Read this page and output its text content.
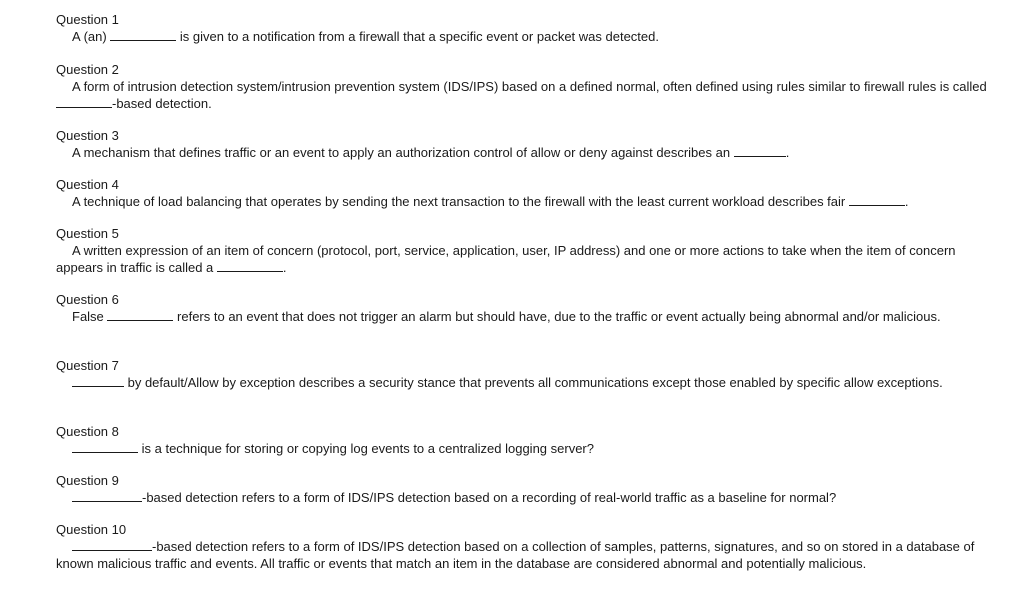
Question 1

A (an)	is given to a notification from a firewall that a specific event or packet was detected.

Question 2

A form of intrusion detection system/intrusion prevention system (IDS/IPS) based on a defined normal, often defined using rules similar to firewall rules is called -based detection.

Question 3

A mechanism that defines traffic or an event to apply an authorization control of allow or deny against describes an	.

Question 4

A technique of load balancing that operates by sending the next transaction to the firewall with the least current workload describes fair	.

Question 5

A written expression of an item of concern (protocol, port, service, application, user, IP address) and one or more actions to take when the item of concern appears in traffic is called a	.

Question 6

False	refers to an event that does not trigger an alarm but should have, due to the traffic or event actually being abnormal and/or malicious.

Question 7

by default/Allow by exception describes a security stance that prevents all communications except those enabled by specific allow exceptions.

Question 8

is a technique for storing or copying log events to a centralized logging server?

Question 9

-based detection refers to a form of IDS/IPS detection based on a recording of real-world traffic as a baseline for normal?

Question 10

-based detection refers to a form of IDS/IPS detection based on a collection of samples, patterns, signatures, and so on stored in a database of known malicious traffic and events. All traffic or events that match an item in the database are considered abnormal and potentially malicious.
